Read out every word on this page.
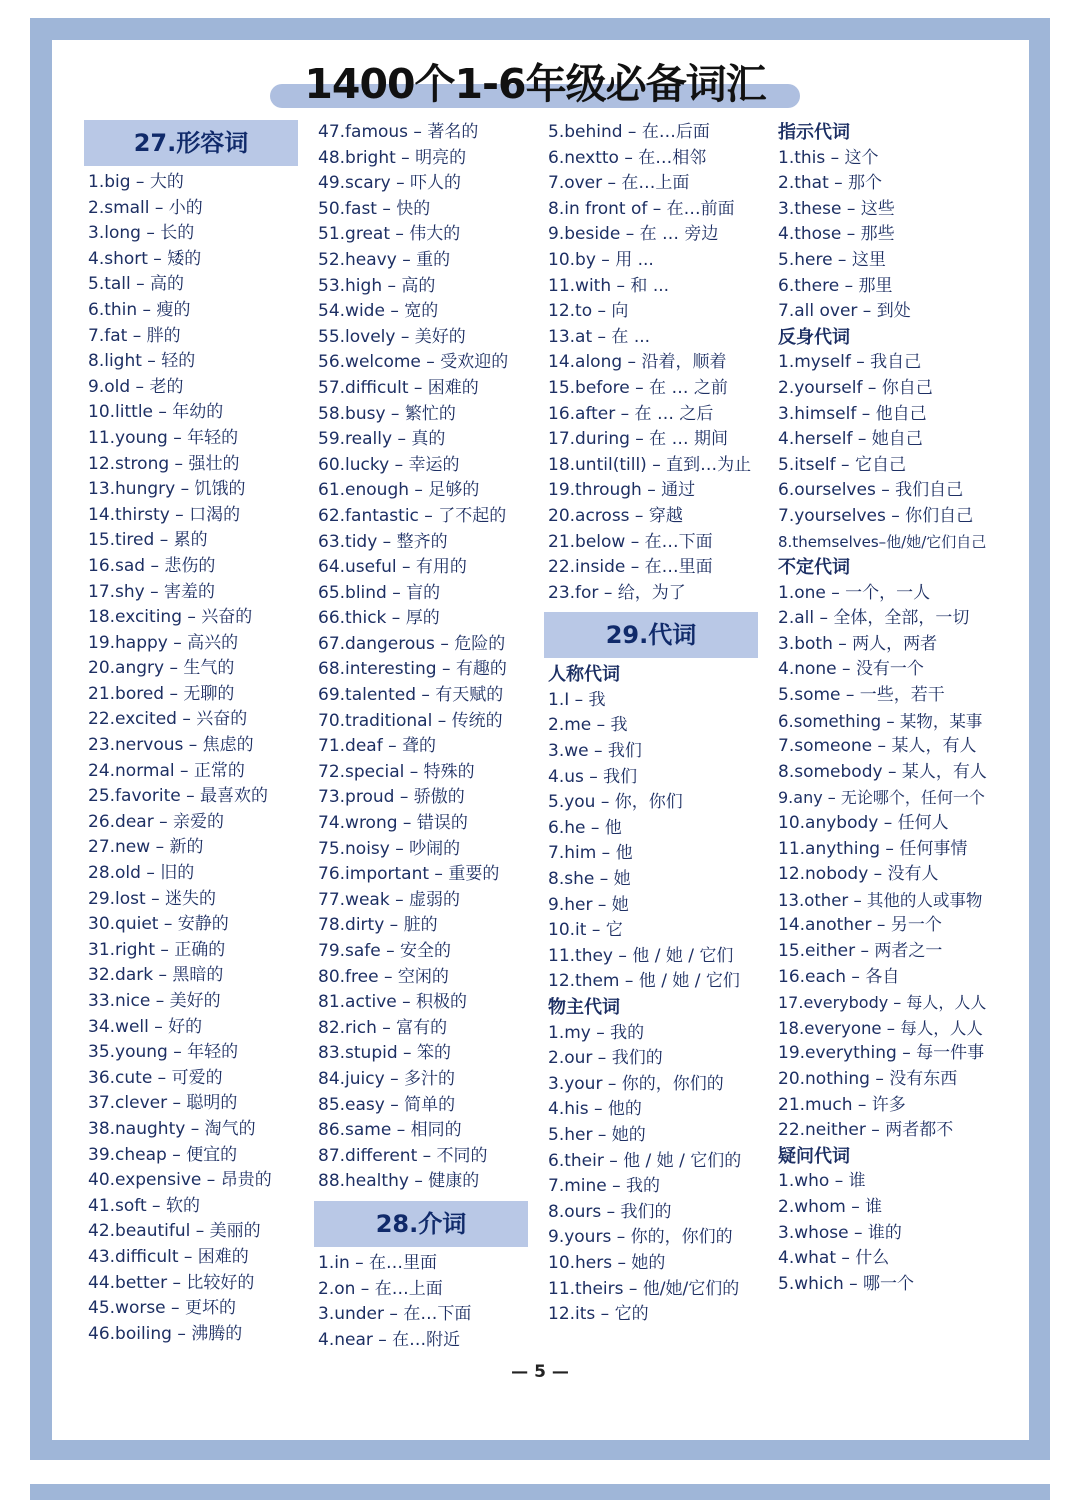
1400个1-6年级必备词汇
27.形容词
1.big – 大的
2.small – 小的
3.long – 长的
4.short – 矮的
5.tall – 高的
6.thin – 瘦的
7.fat – 胖的
8.light – 轻的
9.old – 老的
10.little – 年幼的
11.young – 年轻的
12.strong – 强壮的
13.hungry – 饥饿的
14.thirsty – 口渴的
15.tired – 累的
16.sad – 悲伤的
17.shy – 害羞的
18.exciting – 兴奋的
19.happy – 高兴的
20.angry – 生气的
21.bored – 无聊的
22.excited – 兴奋的
23.nervous – 焦虑的
24.normal – 正常的
25.favorite – 最喜欢的
26.dear – 亲爱的
27.new – 新的
28.old – 旧的
29.lost – 迷失的
30.quiet – 安静的
31.right – 正确的
32.dark – 黑暗的
33.nice – 美好的
34.well – 好的
35.young – 年轻的
36.cute – 可爱的
37.clever – 聪明的
38.naughty – 淘气的
39.cheap – 便宜的
40.expensive – 昂贵的
41.soft – 软的
42.beautiful – 美丽的
43.difficult – 困难的
44.better – 比较好的
45.worse – 更坏的
46.boiling – 沸腾的
47.famous – 著名的
48.bright – 明亮的
49.scary – 吓人的
50.fast – 快的
51.great – 伟大的
52.heavy – 重的
53.high – 高的
54.wide – 宽的
55.lovely – 美好的
56.welcome – 受欢迎的
57.difficult – 困难的
58.busy – 繁忙的
59.really – 真的
60.lucky – 幸运的
61.enough – 足够的
62.fantastic – 了不起的
63.tidy – 整齐的
64.useful – 有用的
65.blind – 盲的
66.thick – 厚的
67.dangerous – 危险的
68.interesting – 有趣的
69.talented – 有天赋的
70.traditional – 传统的
71.deaf – 聋的
72.special – 特殊的
73.proud – 骄傲的
74.wrong – 错误的
75.noisy – 吵闹的
76.important – 重要的
77.weak – 虚弱的
78.dirty – 脏的
79.safe – 安全的
80.free – 空闲的
81.active – 积极的
82.rich – 富有的
83.stupid – 笨的
84.juicy – 多汁的
85.easy – 简单的
86.same – 相同的
87.different – 不同的
88.healthy – 健康的
28.介词
1.in – 在…里面
2.on – 在…上面
3.under – 在…下面
4.near – 在…附近
5.behind – 在…后面
6.nextto – 在…相邻
7.over – 在…上面
8.in front of – 在…前面
9.beside – 在 … 旁边
10.by – 用 ...
11.with – 和 ...
12.to – 向
13.at – 在 ...
14.along – 沿着，顺着
15.before – 在 … 之前
16.after – 在 … 之后
17.during – 在 … 期间
18.until(till) – 直到…为止
19.through – 通过
20.across – 穿越
21.below – 在…下面
22.inside – 在…里面
23.for – 给，为了
29.代词
人称代词
1.I – 我
2.me – 我
3.we – 我们
4.us – 我们
5.you – 你，你们
6.he – 他
7.him – 他
8.she – 她
9.her – 她
10.it – 它
11.they – 他 / 她 / 它们
12.them – 他 / 她 / 它们
物主代词
1.my – 我的
2.our – 我们的
3.your – 你的，你们的
4.his – 他的
5.her – 她的
6.their – 他 / 她 / 它们的
7.mine – 我的
8.ours – 我们的
9.yours – 你的，你们的
10.hers – 她的
11.theirs – 他/她/它们的
12.its – 它的
指示代词
1.this – 这个
2.that – 那个
3.these – 这些
4.those – 那些
5.here – 这里
6.there – 那里
7.all over – 到处
反身代词
1.myself – 我自己
2.yourself – 你自己
3.himself – 他自己
4.herself – 她自己
5.itself – 它自己
6.ourselves – 我们自己
7.yourselves – 你们自己
8.themselves–他/她/它们自己
不定代词
1.one – 一个，一人
2.all – 全体，全部，一切
3.both – 两人，两者
4.none – 没有一个
5.some – 一些，若干
6.something – 某物，某事
7.someone – 某人，有人
8.somebody – 某人，有人
9.any – 无论哪个，任何一个
10.anybody – 任何人
11.anything – 任何事情
12.nobody – 没有人
13.other – 其他的人或事物
14.another – 另一个
15.either – 两者之一
16.each – 各自
17.everybody – 每人，人人
18.everyone – 每人，人人
19.everything – 每一件事
20.nothing – 没有东西
21.much – 许多
22.neither – 两者都不
疑问代词
1.who – 谁
2.whom – 谁
3.whose – 谁的
4.what – 什么
5.which – 哪一个
— 5 —
